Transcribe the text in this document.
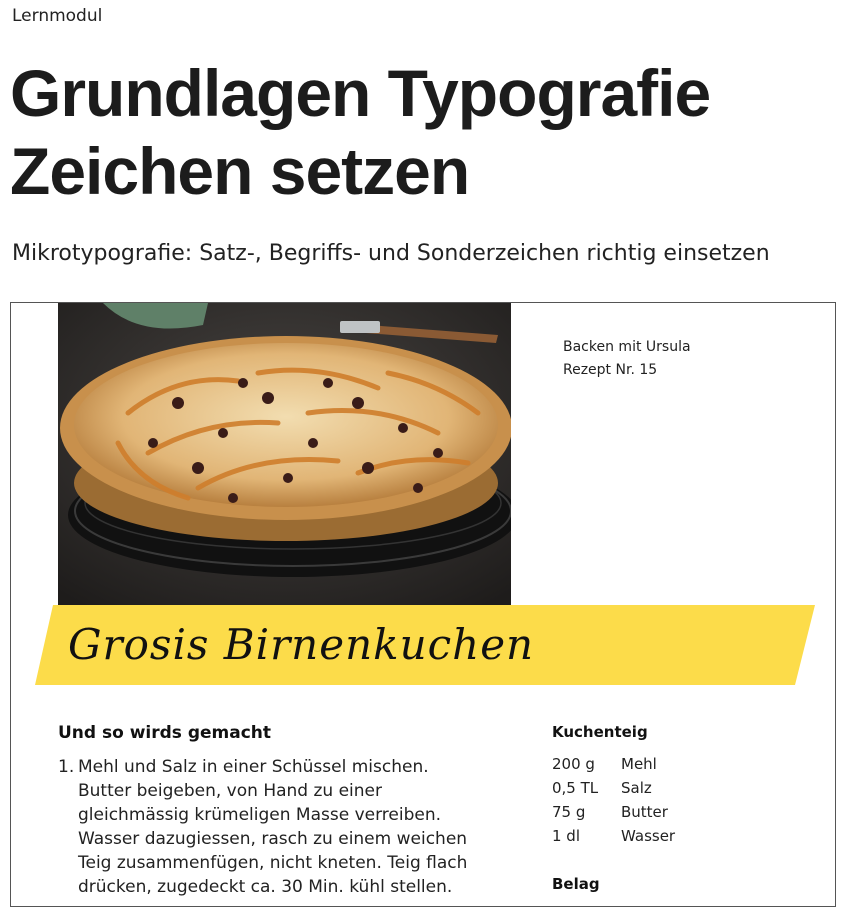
Lernmodul
Grundlagen Typografie
Zeichen setzen
Mikrotypografie: Satz-, Begriffs- und Sonderzeichen richtig einsetzen
Backen mit Ursula
Rezept Nr. 15
Grosis Birnenkuchen
Und so wirds gemacht
1. Mehl und Salz in einer Schüssel mischen. Butter beigeben, von Hand zu einer gleichmässig krümeligen Masse verreiben. Wasser dazugiessen, rasch zu einem weichen Teig zusammenfügen, nicht kneten. Teig flach drücken, zugedeckt ca. 30 Min. kühl stellen.
Kuchenteig
200 g	Mehl
0,5 TL	Salz
75 g	Butter
1 dl	Wasser
Belag
